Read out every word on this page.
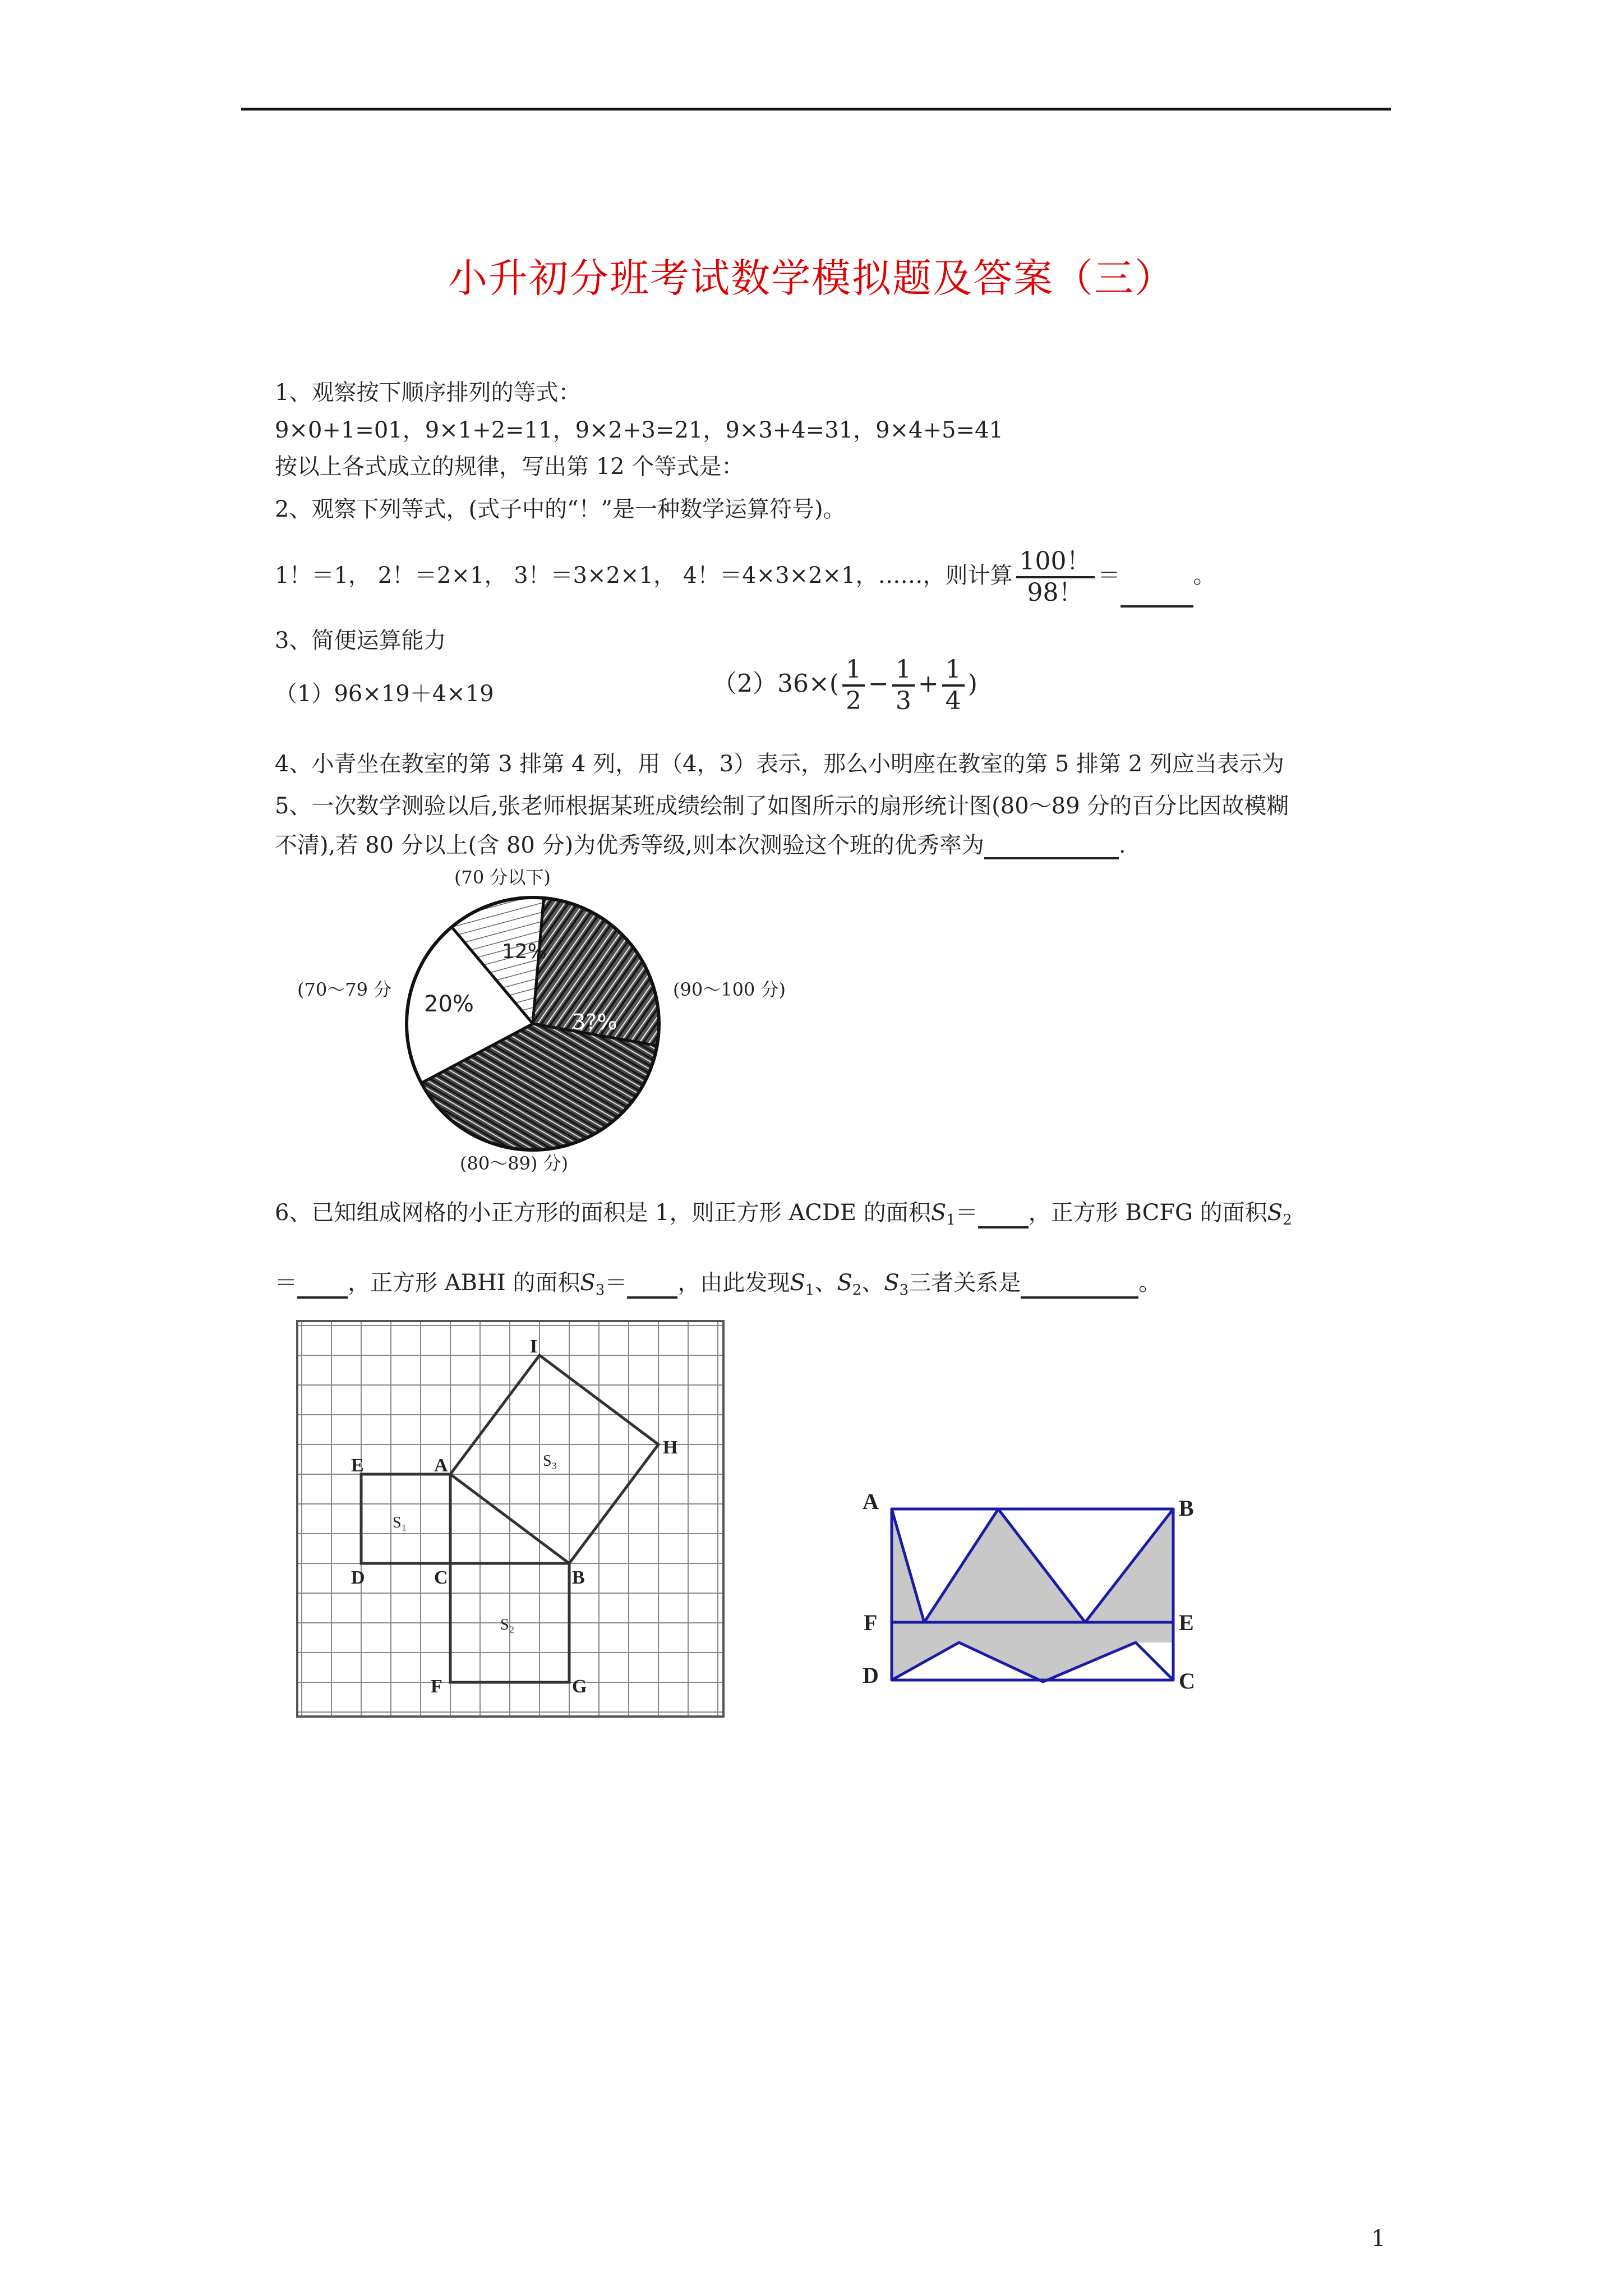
小升初分班考试数学模拟题及答案（三）
1、观察按下顺序排列的等式：
9×0+1=01，9×1+2=11，9×2+3=21，9×3+4=31，9×4+5=41
按以上各式成立的规律，写出第 12 个等式是：
2、观察下列等式，(式子中的“！”是一种数学运算符号)。
1！＝1， 2！＝2×1， 3！＝3×2×1， 4！＝4×3×2×1，……，则计算 $\frac{100!}{98!}$ ＝	。
3、简便运算能力
（1）96×19＋4×19	$(2)36\times( \frac{1}{2} - \frac{1}{3} + \frac{1}{4}$ )
4、小青坐在教室的第 3 排第 4 列，用（4，3）表示，那么小明座在教室的第 5 排第 2 列应当表示为
5、一次数学测验以后,张老师根据某班成绩绘制了如图所示的扇形统计图(80～89 分的百分比因故模糊
不清),若 80 分以上(含 80 分)为优秀等级,则本次测验这个班的优秀率为	.
(70 分以下)
(70～79 分	(90～100 分)
(80～89) 分)
12%
20%
3?%
6、已知组成网格的小正方形的面积是 1，则正方形 ACDE 的面积$S_1=$ ，正方形 BCFG 的面积$S_2$
＝ ，正方形 ABHI 的面积$S_3=$ ，由此发现$S_1$、$S_2$、$S_3$三者关系是	。
I
H
E	A
D	C	B
F	G
S₃
S₁
S₂
A	B
F	E
D	C
1
